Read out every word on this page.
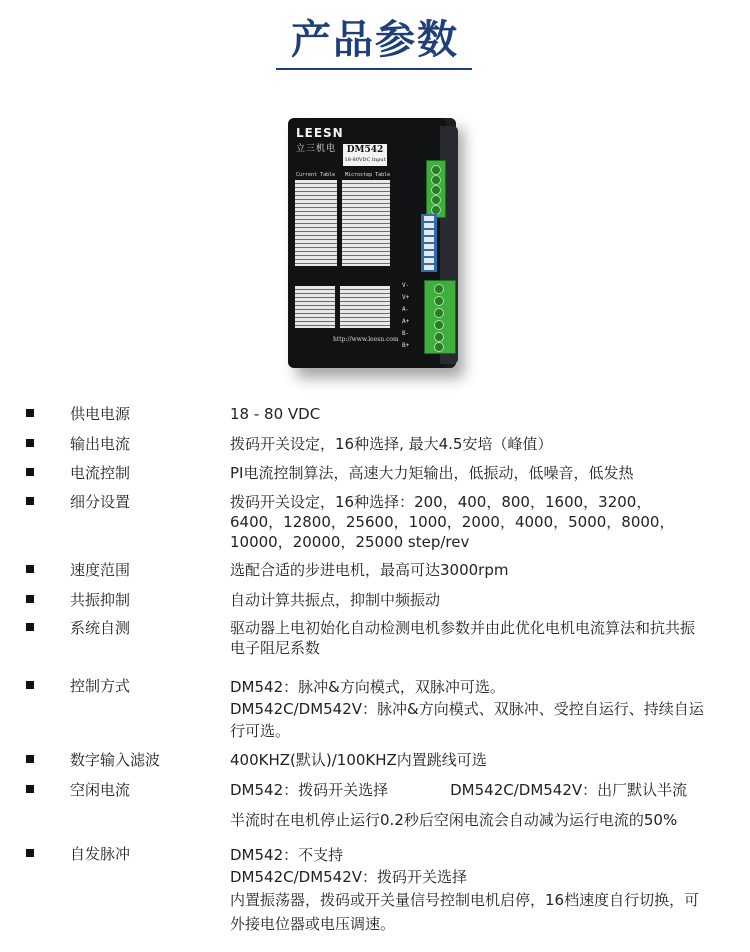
产品参数
LEESN
立三机电	DM542
18-80VDC Input
Current Table Microstep Table
V-
V+
A-
A+
B-
B+
http://www.leesn.com
供电电源	18 - 80 VDC
输出电流	拨码开关设定，16种选择, 最大4.5安培（峰值）
电流控制	PI电流控制算法，高速大力矩输出，低振动，低噪音，低发热
细分设置	拨码开关设定，16种选择：200，400，800，1600，3200，
6400，12800，25600，1000，2000，4000，5000，8000，
10000，20000，25000 step/rev
速度范围	选配合适的步进电机，最高可达3000rpm
共振抑制	自动计算共振点，抑制中频振动
系统自测	驱动器上电初始化自动检测电机参数并由此优化电机电流算法和抗共振
电子阻尼系数
控制方式	DM542：脉冲&方向模式，双脉冲可选。
DM542C/DM542V：脉冲&方向模式、双脉冲、受控自运行、持续自运
行可选。
数字输入滤波	400KHZ(默认)/100KHZ内置跳线可选
空闲电流	DM542：拨码开关选择	DM542C/DM542V：出厂默认半流
半流时在电机停止运行0.2秒后空闲电流会自动减为运行电流的50%
自发脉冲	DM542：不支持
DM542C/DM542V：拨码开关选择
内置振荡器，拨码或开关量信号控制电机启停，16档速度自行切换，可
外接电位器或电压调速。
